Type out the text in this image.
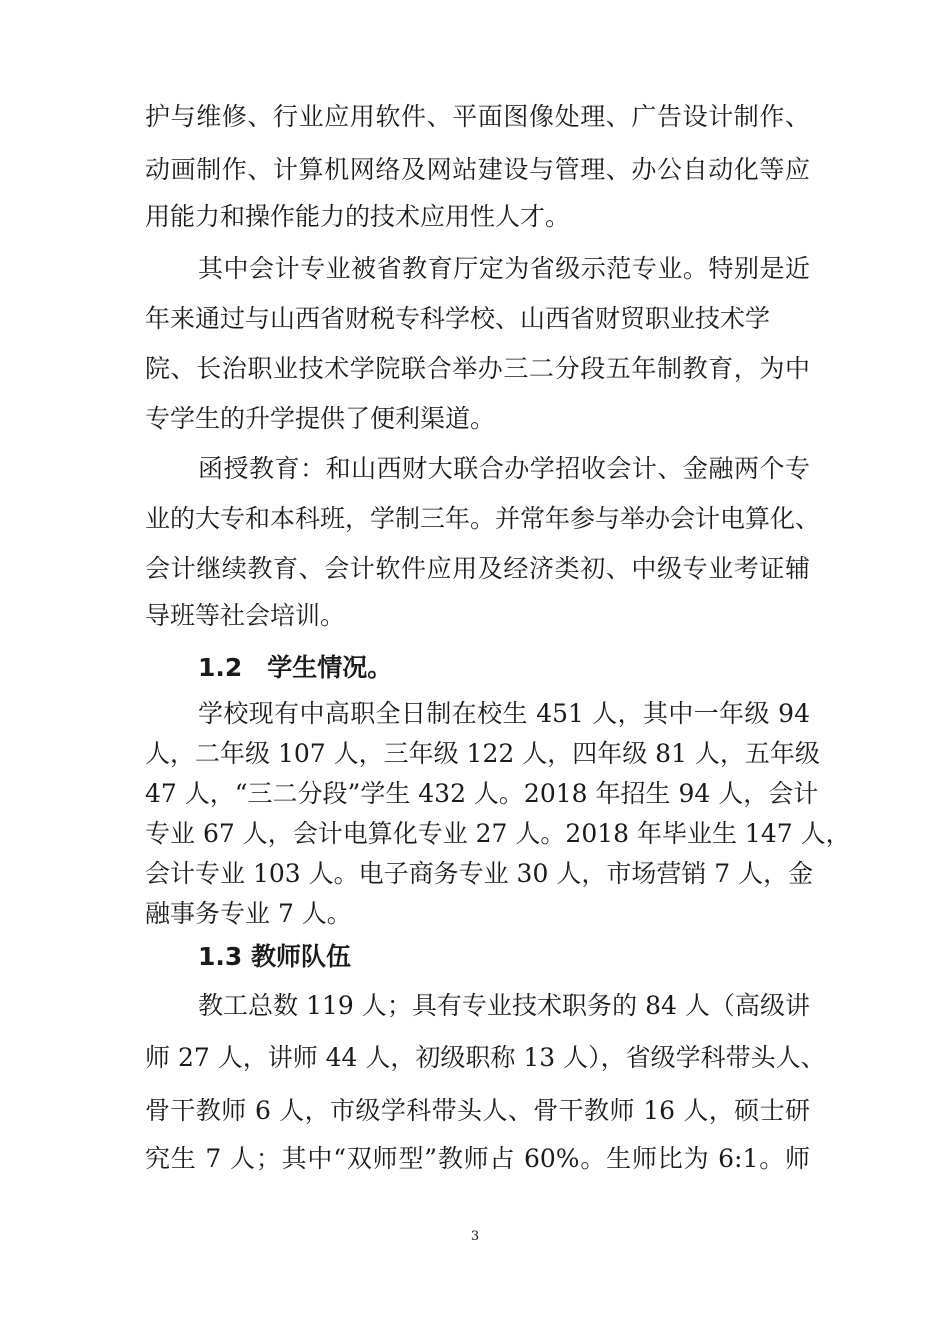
护与维修、行业应用软件、平面图像处理、广告设计制作、
动画制作、计算机网络及网站建设与管理、办公自动化等应
用能力和操作能力的技术应用性人才。
其中会计专业被省教育厅定为省级示范专业。特别是近
年来通过与山西省财税专科学校、山西省财贸职业技术学
院、长治职业技术学院联合举办三二分段五年制教育，为中
专学生的升学提供了便利渠道。
函授教育：和山西财大联合办学招收会计、金融两个专
业的大专和本科班，学制三年。并常年参与举办会计电算化、
会计继续教育、会计软件应用及经济类初、中级专业考证辅
导班等社会培训。
1.2　学生情况。
学校现有中高职全日制在校生 451 人，其中一年级 94
人，二年级 107 人，三年级 122 人，四年级 81 人，五年级
47 人，“三二分段”学生 432 人。2018 年招生 94 人，会计
专业 67 人，会计电算化专业 27 人。2018 年毕业生 147 人，
会计专业 103 人。电子商务专业 30 人，市场营销 7 人，金
融事务专业 7 人。
1.3 教师队伍
教工总数 119 人；具有专业技术职务的 84 人（高级讲
师 27 人，讲师 44 人，初级职称 13 人），省级学科带头人、
骨干教师 6 人，市级学科带头人、骨干教师 16 人，硕士研
究生 7 人；其中“双师型”教师占 60%。生师比为 6:1。师
3
